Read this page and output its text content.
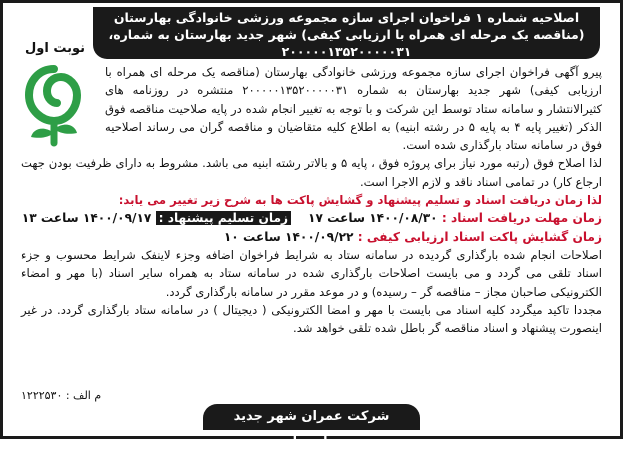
اصلاحیه شماره ۱ فراخوان اجرای سازه مجموعه ورزشی خانوادگی بهارستان
(مناقصه یک مرحله ای همراه با ارزیابی کیفی) شهر جدید بهارستان به شماره،
۲۰۰۰۰۰۱۳۵۲۰۰۰۰۰۳۱
نوبت اول

پیرو آگهی فراخوان اجرای سازه مجموعه ورزشی خانوادگی بهارستان (مناقصه یک مرحله ای همراه با ارزیابی کیفی) شهر جدید بهارستان به شماره ۲۰۰۰۰۰۱۳۵۲۰۰۰۰۰۳۱ منتشره در روزنامه های کثیرالانتشار و سامانه ستاد توسط این شرکت و با توجه به تغییر انجام شده در پایه صلاحیت مناقصه فوق الذکر (تغییر پایه ۴ به پایه ۵ در رشته ابنیه) به اطلاع کلیه متقاضیان و مناقصه گران می رساند اصلاحیه فوق در سامانه ستاد بارگذاری شده است.

لذا اصلاح فوق (رتبه مورد نیاز برای پروژه فوق ، پایه ۵ و بالاتر رشته ابنیه می باشد. مشروط به دارای ظرفیت بودن جهت ارجاع کار) در تمامی اسناد ناقد و لازم الاجرا است.

لذا زمان دریافت اسناد و تسلیم پیشنهاد و گشایش پاکت ها به شرح زیر تغییر می یابد:

زمان مهلت دریافت اسناد : ۱۴۰۰/۰۸/۳۰ ساعت ۱۷    زمان تسلیم پیشنهاد : ۱۴۰۰/۰۹/۱۷ ساعت ۱۳

زمان گشایش پاکت اسناد ارزیابی کیفی : ۱۴۰۰/۰۹/۲۲ ساعت ۱۰

اصلاحات انجام شده بارگذاری گردیده در سامانه ستاد به شرایط فراخوان اضافه وجزء لاینفک شرایط محسوب و جزء اسناد تلقی می گردد و می بایست اصلاحات بارگذاری شده در سامانه ستاد به همراه سایر اسناد (با مهر و امضاء الکترونیکی صاحبان مجاز – مناقصه گر – رسیده) و در موعد مقرر در سامانه بارگذاری گردد.

مجددا تاکید میگردد کلیه اسناد می بایست با مهر و امضا الکترونیکی ( دیجیتال ) در سامانه ستاد بارگذاری گردد. در غیر اینصورت پیشنهاد و اسناد مناقصه گر باطل شده تلقی خواهد شد.

م الف : ۱۲۲۲۵۳۰
شرکت عمران شهر جدید بهارستان
